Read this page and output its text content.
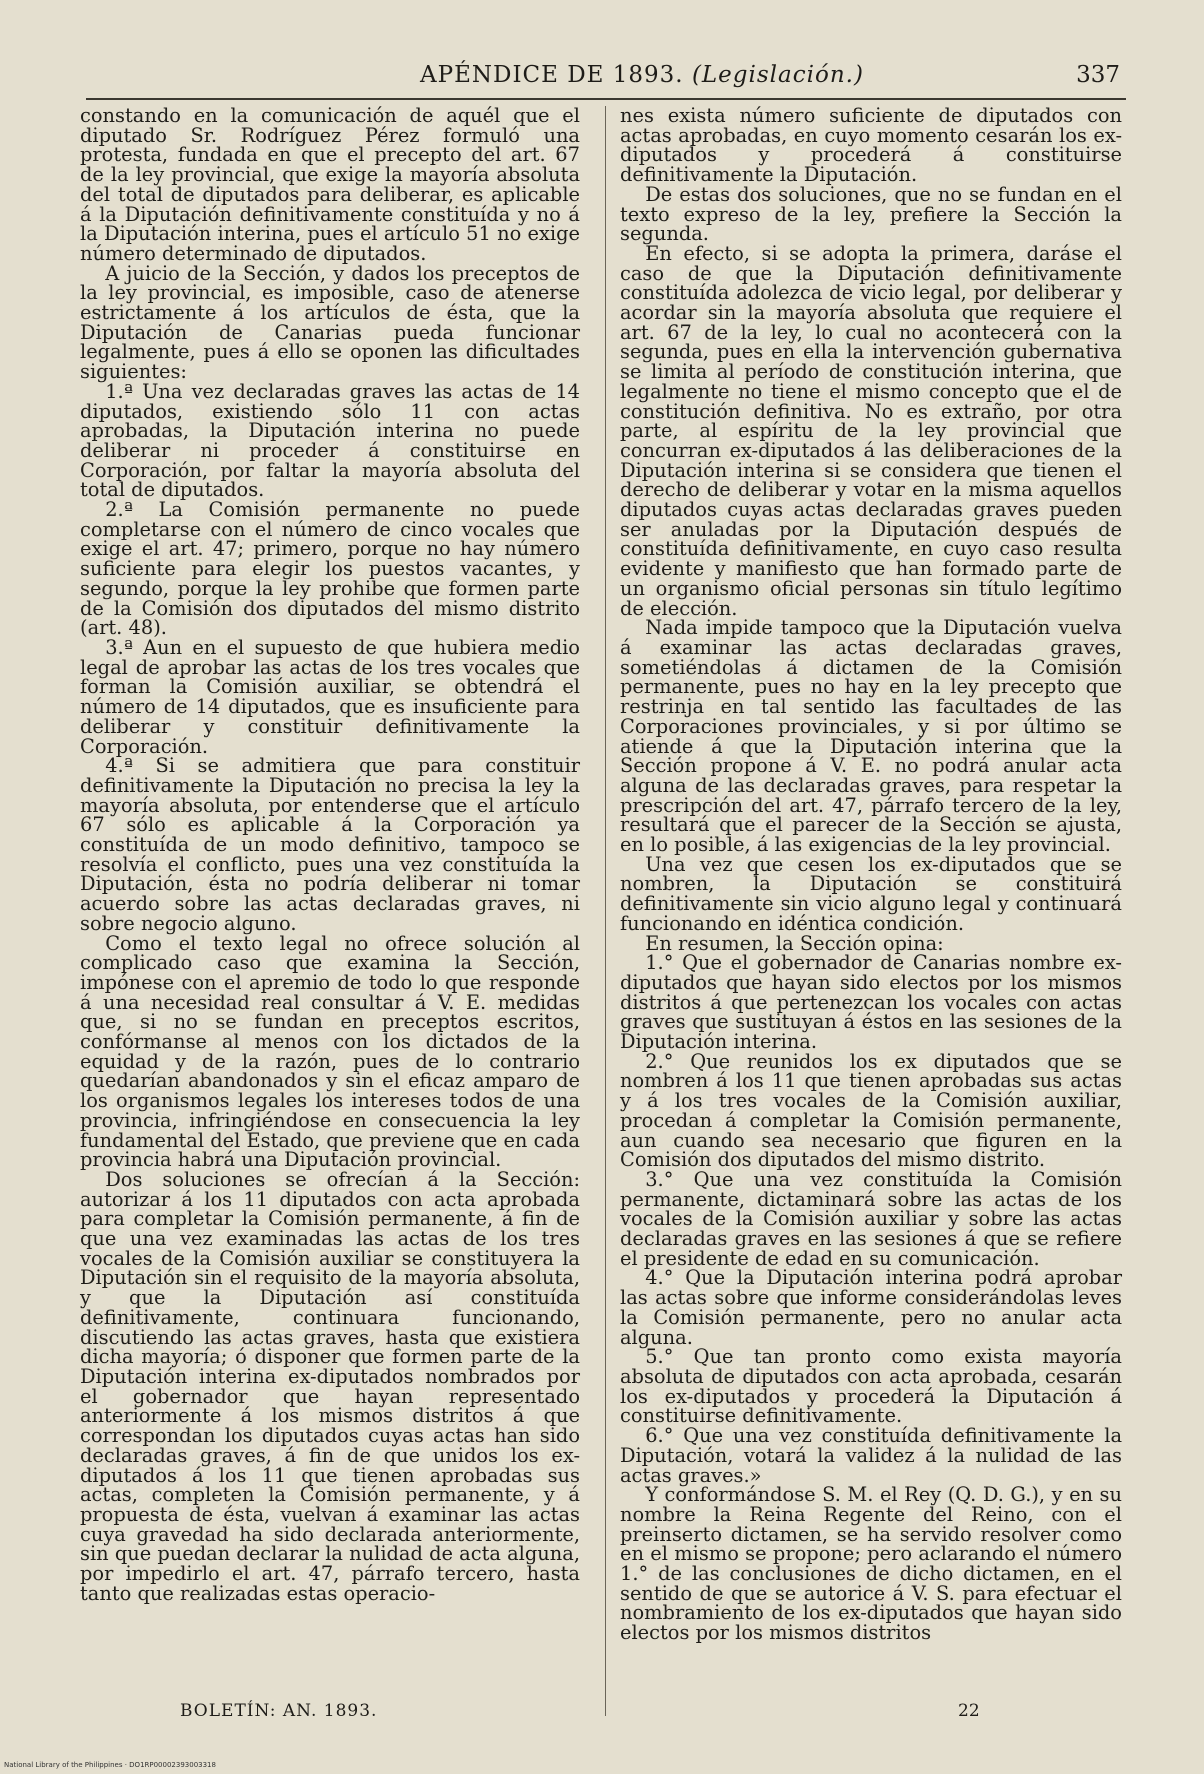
APÉNDICE DE 1893. (Legislación.)	337

constando en la comunicación de aquél que el diputado Sr. Rodríguez Pérez formuló una protesta, fundada en que el precepto del art. 67 de la ley provincial, que exige la mayoría absoluta del total de diputados para deliberar, es aplicable á la Diputación definitivamente constituída y no á la Diputación interina, pues el artículo 51 no exige número determinado de diputados.

A juicio de la Sección, y dados los preceptos de la ley provincial, es imposible, caso de atenerse estrictamente á los artículos de ésta, que la Diputación de Canarias pueda funcionar legalmente, pues á ello se oponen las dificultades siguientes:

1.ª Una vez declaradas graves las actas de 14 diputados, existiendo sólo 11 con actas aprobadas, la Diputación interina no puede deliberar ni proceder á constituirse en Corporación, por faltar la mayoría absoluta del total de diputados.

2.ª La Comisión permanente no puede completarse con el número de cinco vocales que exige el art. 47; primero, porque no hay número suficiente para elegir los puestos vacantes, y segundo, porque la ley prohibe que formen parte de la Comisión dos diputados del mismo distrito (art. 48).

3.ª Aun en el supuesto de que hubiera medio legal de aprobar las actas de los tres vocales que forman la Comisión auxiliar, se obtendrá el número de 14 diputados, que es insuficiente para deliberar y constituir definitivamente la Corporación.

4.ª Si se admitiera que para constituir definitivamente la Diputación no precisa la ley la mayoría absoluta, por entenderse que el artículo 67 sólo es aplicable á la Corporación ya constituída de un modo definitivo, tampoco se resolvía el conflicto, pues una vez constituída la Diputación, ésta no podría deliberar ni tomar acuerdo sobre las actas declaradas graves, ni sobre negocio alguno.

Como el texto legal no ofrece solución al complicado caso que examina la Sección, impónese con el apremio de todo lo que responde á una necesidad real consultar á V. E. medidas que, si no se fundan en preceptos escritos, confórmanse al menos con los dictados de la equidad y de la razón, pues de lo contrario quedarían abandonados y sin el eficaz amparo de los organismos legales los intereses todos de una provincia, infringiéndose en consecuencia la ley fundamental del Estado, que previene que en cada provincia habrá una Diputación provincial.

Dos soluciones se ofrecían á la Sección: autorizar á los 11 diputados con acta aprobada para completar la Comisión permanente, á fin de que una vez examinadas las actas de los tres vocales de la Comisión auxiliar se constituyera la Diputación sin el requisito de la mayoría absoluta, y que la Diputación así constituída definitivamente, continuara funcionando, discutiendo las actas graves, hasta que existiera dicha mayoría; ó disponer que formen parte de la Diputación interina ex-diputados nombrados por el gobernador que hayan representado anteriormente á los mismos distritos á que correspondan los diputados cuyas actas han sido declaradas graves, á fin de que unidos los ex-diputados á los 11 que tienen aprobadas sus actas, completen la Comisión permanente, y á propuesta de ésta, vuelvan á examinar las actas cuya gravedad ha sido declarada anteriormente, sin que puedan declarar la nulidad de acta alguna, por impedirlo el art. 47, párrafo tercero, hasta tanto que realizadas estas operacio-

nes exista número suficiente de diputados con actas aprobadas, en cuyo momento cesarán los ex-diputados y procederá á constituirse definitivamente la Diputación.

De estas dos soluciones, que no se fundan en el texto expreso de la ley, prefiere la Sección la segunda.

En efecto, si se adopta la primera, daráse el caso de que la Diputación definitivamente constituída adolezca de vicio legal, por deliberar y acordar sin la mayoría absoluta que requiere el art. 67 de la ley, lo cual no acontecerá con la segunda, pues en ella la intervención gubernativa se limita al período de constitución interina, que legalmente no tiene el mismo concepto que el de constitución definitiva. No es extraño, por otra parte, al espíritu de la ley provincial que concurran ex-diputados á las deliberaciones de la Diputación interina si se considera que tienen el derecho de deliberar y votar en la misma aquellos diputados cuyas actas declaradas graves pueden ser anuladas por la Diputación después de constituída definitivamente, en cuyo caso resulta evidente y manifiesto que han formado parte de un organismo oficial personas sin título legítimo de elección.

Nada impide tampoco que la Diputación vuelva á examinar las actas declaradas graves, sometiéndolas á dictamen de la Comisión permanente, pues no hay en la ley precepto que restrinja en tal sentido las facultades de las Corporaciones provinciales, y si por último se atiende á que la Diputación interina que la Sección propone á V. E. no podrá anular acta alguna de las declaradas graves, para respetar la prescripción del art. 47, párrafo tercero de la ley, resultará que el parecer de la Sección se ajusta, en lo posible, á las exigencias de la ley provincial.

Una vez que cesen los ex-diputados que se nombren, la Diputación se constituirá definitivamente sin vicio alguno legal y continuará funcionando en idéntica condición.

En resumen, la Sección opina:

1.° Que el gobernador de Canarias nombre ex-diputados que hayan sido electos por los mismos distritos á que pertenezcan los vocales con actas graves que sustituyan á éstos en las sesiones de la Diputación interina.

2.° Que reunidos los ex diputados que se nombren á los 11 que tienen aprobadas sus actas y á los tres vocales de la Comisión auxiliar, procedan á completar la Comisión permanente, aun cuando sea necesario que figuren en la Comisión dos diputados del mismo distrito.

3.° Que una vez constituída la Comisión permanente, dictaminará sobre las actas de los vocales de la Comisión auxiliar y sobre las actas declaradas graves en las sesiones á que se refiere el presidente de edad en su comunicación.

4.° Que la Diputación interina podrá aprobar las actas sobre que informe considerándolas leves la Comisión permanente, pero no anular acta alguna.

5.° Que tan pronto como exista mayoría absoluta de diputados con acta aprobada, cesarán los ex-diputados y procederá la Diputación á constituirse definitivamente.

6.° Que una vez constituída definitivamente la Diputación, votará la validez á la nulidad de las actas graves.»

Y conformándose S. M. el Rey (Q. D. G.), y en su nombre la Reina Regente del Reino, con el preinserto dictamen, se ha servido resolver como en el mismo se propone; pero aclarando el número 1.° de las conclusiones de dicho dictamen, en el sentido de que se autorice á V. S. para efectuar el nombramiento de los ex-diputados que hayan sido electos por los mismos distritos

BOLETÍN: AN. 1893.	22
National Library of the Philippines · DO1RP00002393003318
